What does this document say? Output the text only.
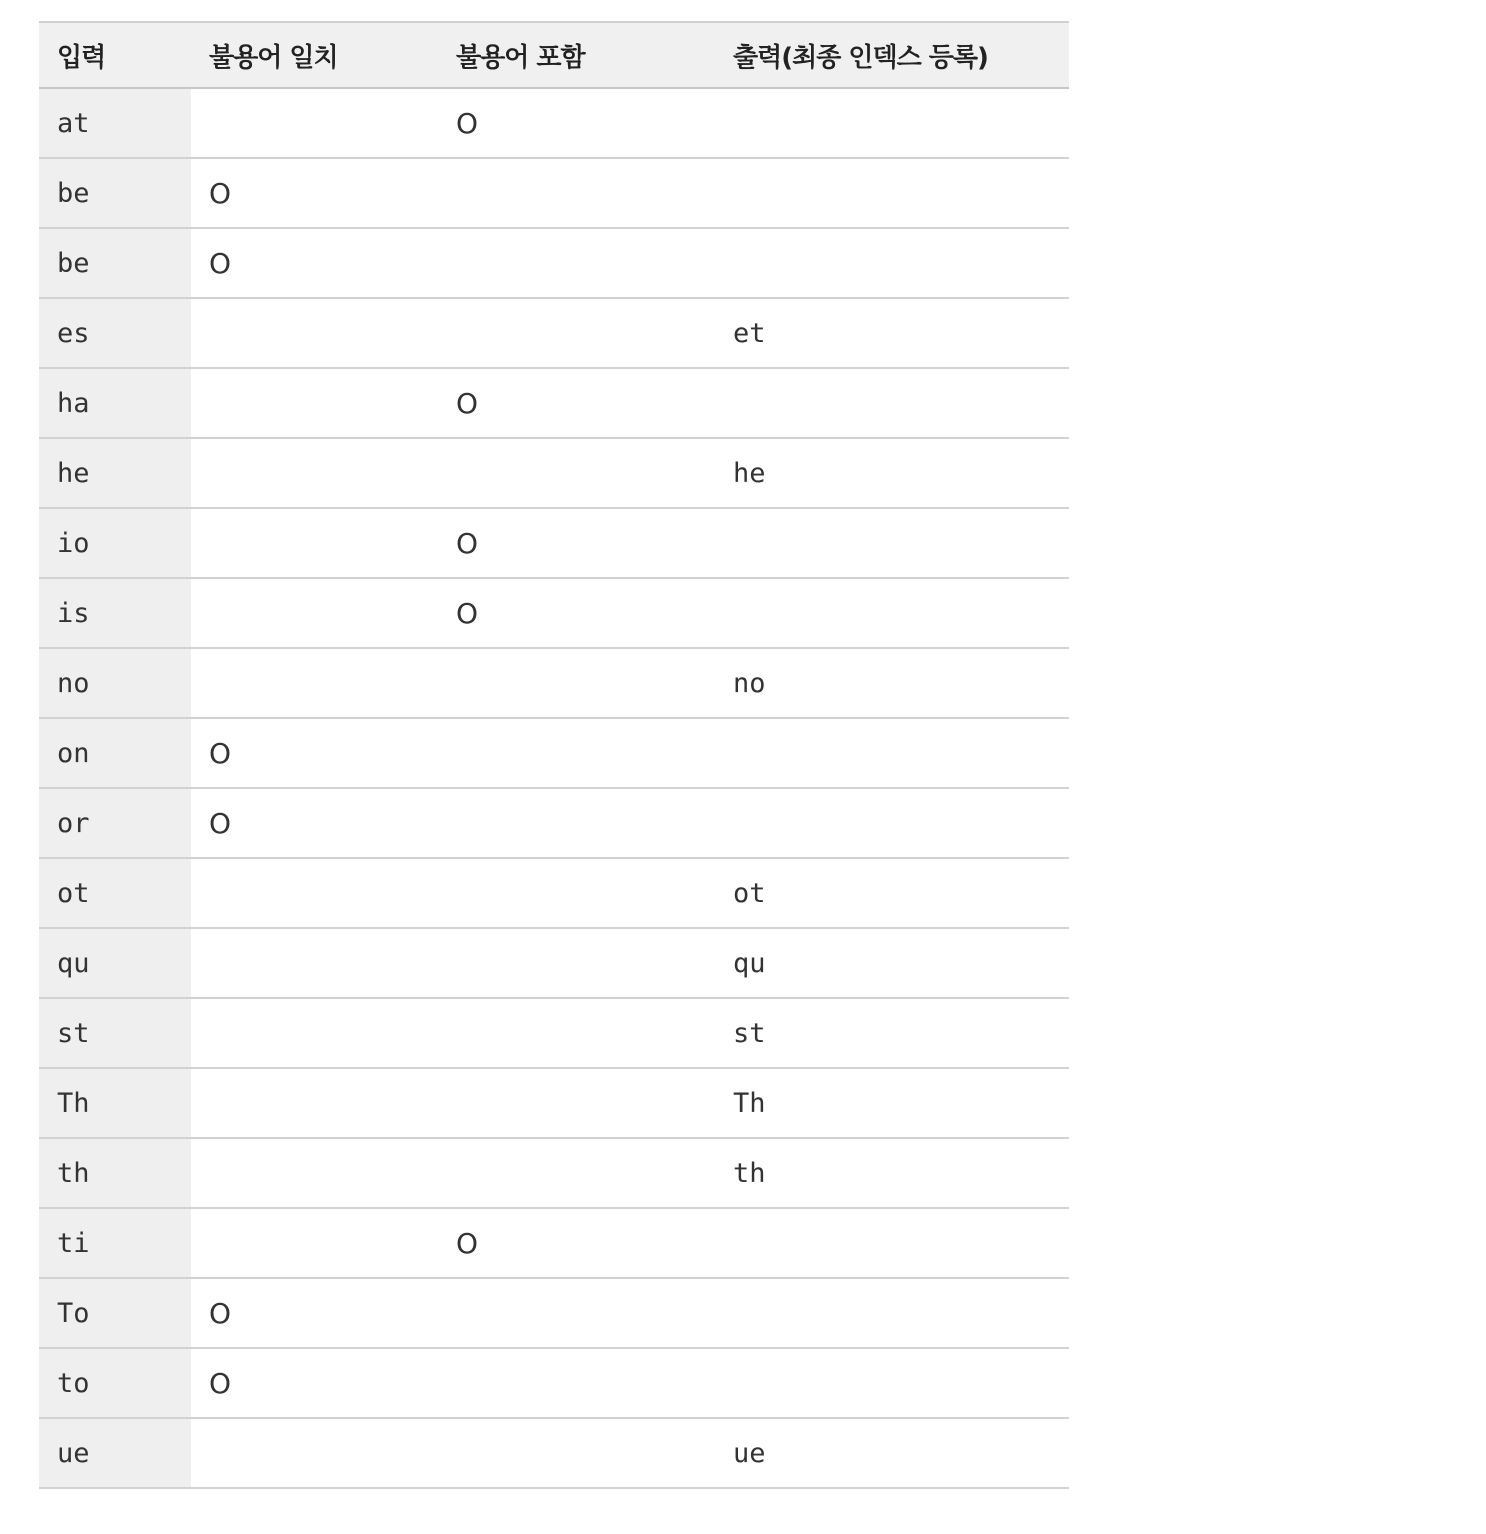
입력	불용어 일치	불용어 포함	출력(최종 인덱스 등록)
at		O	
be	O		
be	O		
es			et
ha		O	
he			he
io		O	
is		O	
no			no
on	O		
or	O		
ot			ot
qu			qu
st			st
Th			Th
th			th
ti		O	
To	O		
to	O		
ue			ue
